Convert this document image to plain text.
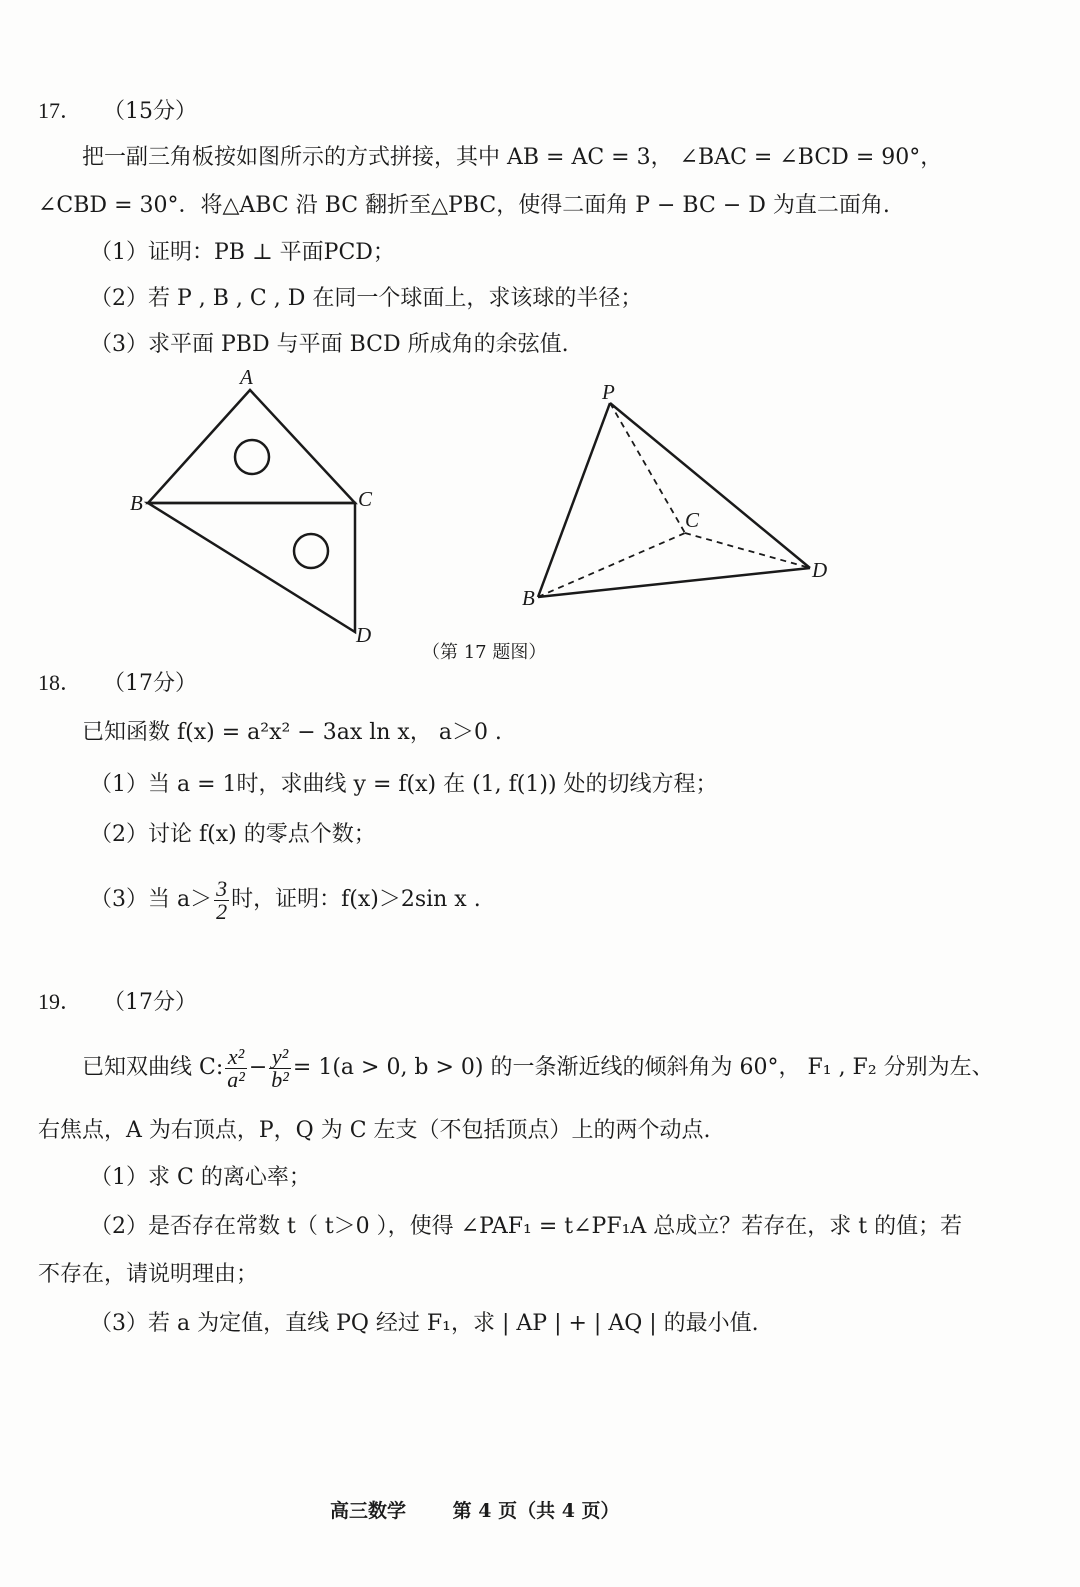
17． （15分）
把一副三角板按如图所示的方式拼接，其中 AB = AC = 3， ∠BAC = ∠BCD = 90°，
∠CBD = 30°．将△ABC 沿 BC 翻折至△PBC，使得二面角 P − BC − D 为直二面角.
（1）证明：PB ⊥ 平面PCD；
（2）若 P , B , C , D 在同一个球面上，求该球的半径；
（3）求平面 PBD 与平面 BCD 所成角的余弦值.
A
B	C
D
P
C
B
D
（第 17 题图）
18． （17分）
已知函数 f(x) = a²x² − 3ax ln x， a＞0 .
（1）当 a = 1时，求曲线 y = f(x) 在 (1, f(1)) 处的切线方程；
（2）讨论 f(x) 的零点个数；
（3）当 $a> \frac{3}{2}$ 时，证明：f(x)＞2sin x .
19． （17分）
已知双曲线 C: $\frac{\text{x²}}{\text{a²}} - \frac{\text{y²}}{\text{b²}} = 1(a > 0$, b > 0) 的一条渐近线的倾斜角为 60°， F₁ , F₂ 分别为左、
右焦点，A 为右顶点，P，Q 为 C 左支（不包括顶点）上的两个动点.
（1）求 C 的离心率；
（2）是否存在常数 t（ t＞0 ），使得 ∠PAF₁ = t∠PF₁A 总成立？若存在，求 t 的值；若
不存在，请说明理由；
（3）若 a 为定值，直线 PQ 经过 F₁，求 | AP | + | AQ | 的最小值.
高三数学 第 4 页（共 4 页）
